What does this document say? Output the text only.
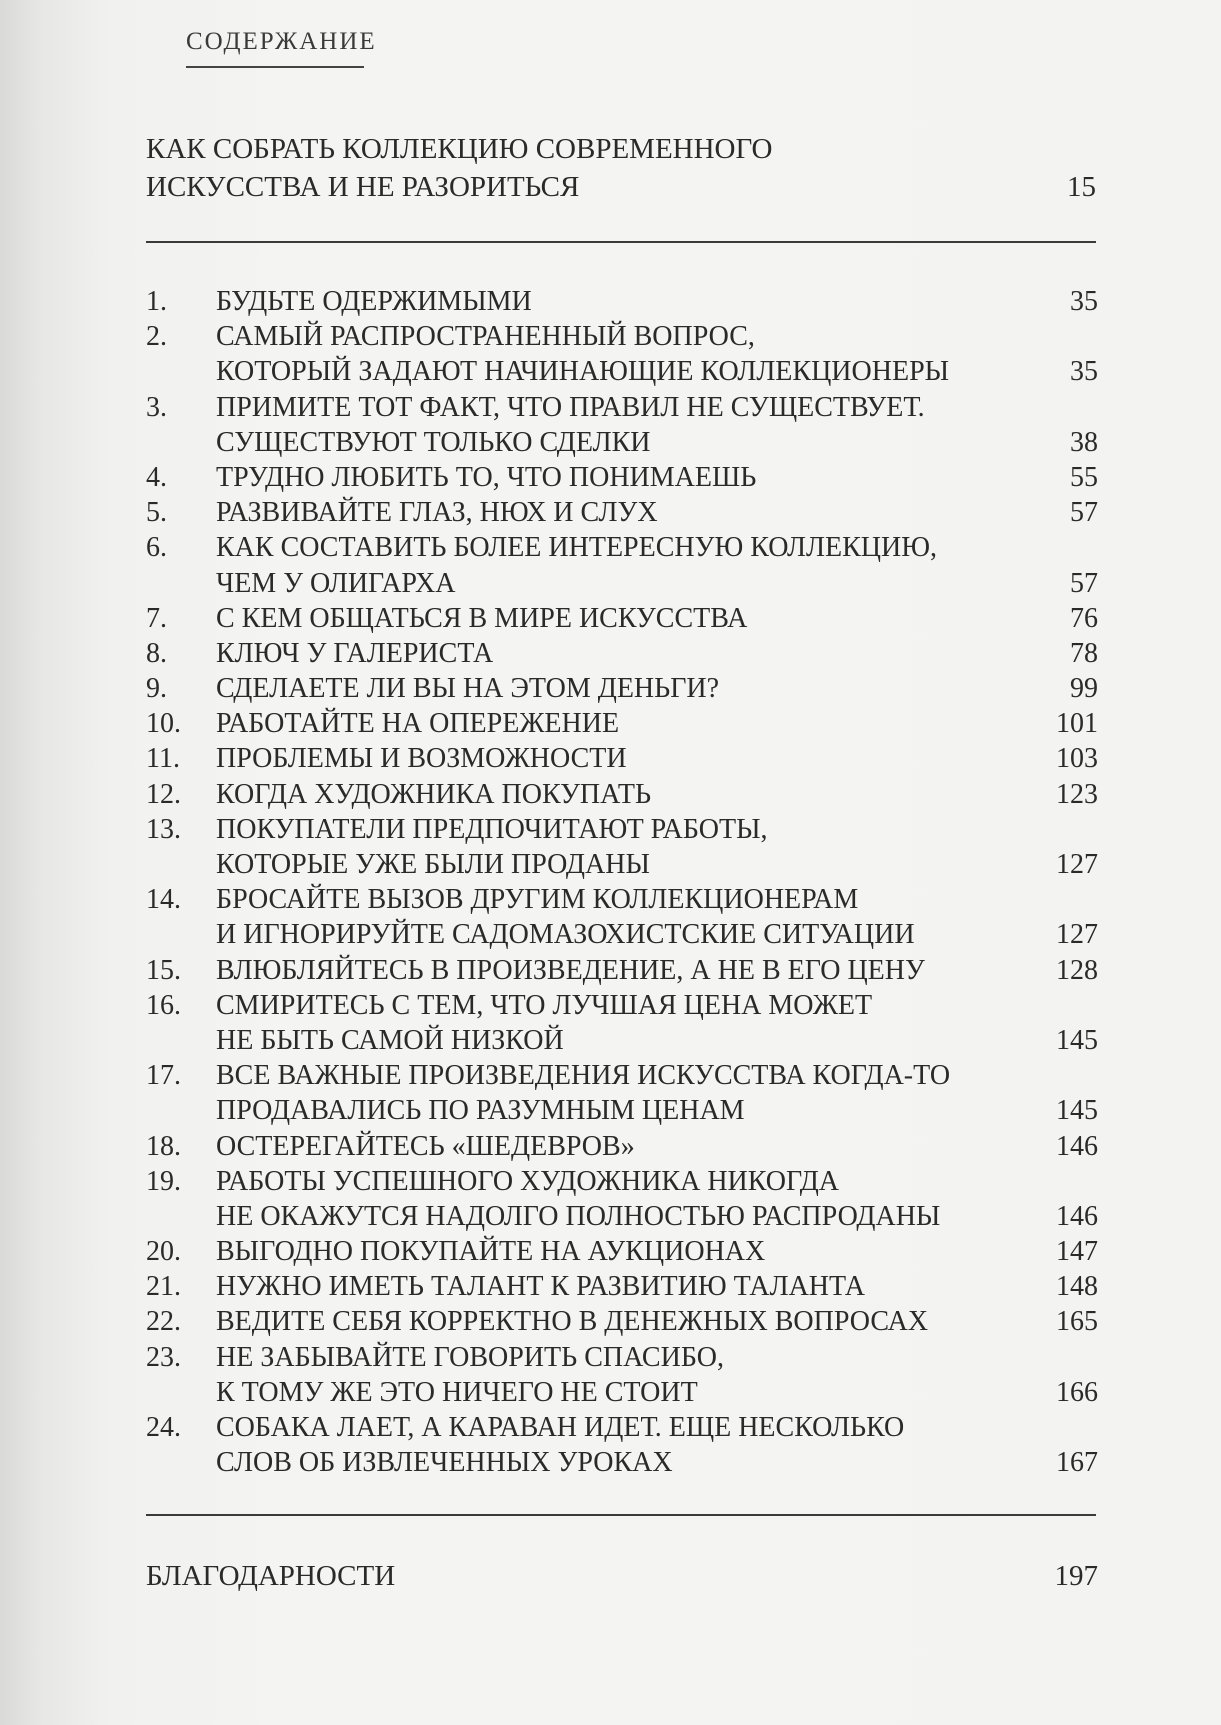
СОДЕРЖАНИЕ
КАК СОБРАТЬ КОЛЛЕКЦИЮ СОВРЕМЕННОГО
ИСКУССТВА И НЕ РАЗОРИТЬСЯ	15
1. БУДЬТЕ ОДЕРЖИМЫМИ	35
2. САМЫЙ РАСПРОСТРАНЕННЫЙ ВОПРОС,
КОТОРЫЙ ЗАДАЮТ НАЧИНАЮЩИЕ КОЛЛЕКЦИОНЕРЫ	35
3. ПРИМИТЕ ТОТ ФАКТ, ЧТО ПРАВИЛ НЕ СУЩЕСТВУЕТ.
СУЩЕСТВУЮТ ТОЛЬКО СДЕЛКИ	38
4. ТРУДНО ЛЮБИТЬ ТО, ЧТО ПОНИМАЕШЬ	55
5. РАЗВИВАЙТЕ ГЛАЗ, НЮХ И СЛУХ	57
6. КАК СОСТАВИТЬ БОЛЕЕ ИНТЕРЕСНУЮ КОЛЛЕКЦИЮ,
ЧЕМ У ОЛИГАРХА	57
7. С КЕМ ОБЩАТЬСЯ В МИРЕ ИСКУССТВА	76
8. КЛЮЧ У ГАЛЕРИСТА	78
9. СДЕЛАЕТЕ ЛИ ВЫ НА ЭТОМ ДЕНЬГИ?	99
10. РАБОТАЙТЕ НА ОПЕРЕЖЕНИЕ	101
11. ПРОБЛЕМЫ И ВОЗМОЖНОСТИ	103
12. КОГДА ХУДОЖНИКА ПОКУПАТЬ	123
13. ПОКУПАТЕЛИ ПРЕДПОЧИТАЮТ РАБОТЫ,
КОТОРЫЕ УЖЕ БЫЛИ ПРОДАНЫ	127
14. БРОСАЙТЕ ВЫЗОВ ДРУГИМ КОЛЛЕКЦИОНЕРАМ
И ИГНОРИРУЙТЕ САДОМАЗОХИСТСКИЕ СИТУАЦИИ	127
15. ВЛЮБЛЯЙТЕСЬ В ПРОИЗВЕДЕНИЕ, А НЕ В ЕГО ЦЕНУ	128
16. СМИРИТЕСЬ С ТЕМ, ЧТО ЛУЧШАЯ ЦЕНА МОЖЕТ
НЕ БЫТЬ САМОЙ НИЗКОЙ	145
17. ВСЕ ВАЖНЫЕ ПРОИЗВЕДЕНИЯ ИСКУССТВА КОГДА-ТО
ПРОДАВАЛИСЬ ПО РАЗУМНЫМ ЦЕНАМ	145
18. ОСТЕРЕГАЙТЕСЬ «ШЕДЕВРОВ»	146
19. РАБОТЫ УСПЕШНОГО ХУДОЖНИКА НИКОГДА
НЕ ОКАЖУТСЯ НАДОЛГО ПОЛНОСТЬЮ РАСПРОДАНЫ	146
20. ВЫГОДНО ПОКУПАЙТЕ НА АУКЦИОНАХ	147
21. НУЖНО ИМЕТЬ ТАЛАНТ К РАЗВИТИЮ ТАЛАНТА	148
22. ВЕДИТЕ СЕБЯ КОРРЕКТНО В ДЕНЕЖНЫХ ВОПРОСАХ	165
23. НЕ ЗАБЫВАЙТЕ ГОВОРИТЬ СПАСИБО,
К ТОМУ ЖЕ ЭТО НИЧЕГО НЕ СТОИТ	166
24. СОБАКА ЛАЕТ, А КАРАВАН ИДЕТ. ЕЩЕ НЕСКОЛЬКО
СЛОВ ОБ ИЗВЛЕЧЕННЫХ УРОКАХ	167
БЛАГОДАРНОСТИ	197
